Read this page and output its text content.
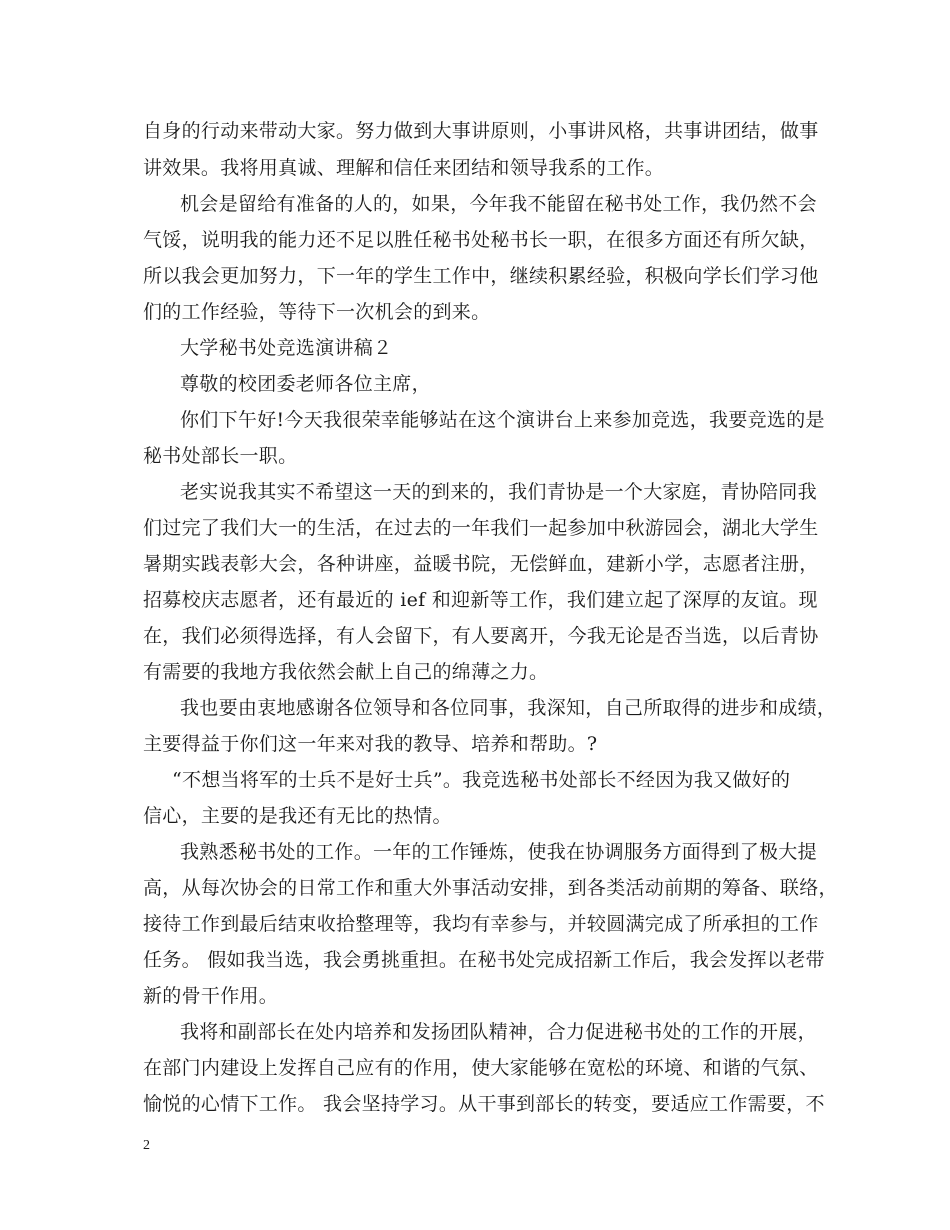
自身的行动来带动大家。努力做到大事讲原则，小事讲风格，共事讲团结，做事
讲效果。我将用真诚、理解和信任来团结和领导我系的工作。
机会是留给有准备的人的，如果，今年我不能留在秘书处工作，我仍然不会
气馁，说明我的能力还不足以胜任秘书处秘书长一职，在很多方面还有所欠缺，
所以我会更加努力，下一年的学生工作中，继续积累经验，积极向学长们学习他
们的工作经验，等待下一次机会的到来。
大学秘书处竞选演讲稿２
尊敬的校团委老师各位主席，
你们下午好!今天我很荣幸能够站在这个演讲台上来参加竞选，我要竞选的是
秘书处部长一职。
老实说我其实不希望这一天的到来的，我们青协是一个大家庭，青协陪同我
们过完了我们大一的生活，在过去的一年我们一起参加中秋游园会，湖北大学生
暑期实践表彰大会，各种讲座，益暖书院，无偿鲜血，建新小学，志愿者注册，
招募校庆志愿者，还有最近的 ief 和迎新等工作，我们建立起了深厚的友谊。现
在，我们必须得选择，有人会留下，有人要离开，今我无论是否当选，以后青协
有需要的我地方我依然会献上自己的绵薄之力。
我也要由衷地感谢各位领导和各位同事，我深知，自己所取得的进步和成绩，
主要得益于你们这一年来对我的教导、培养和帮助。?
“不想当将军的士兵不是好士兵”。我竞选秘书处部长不经因为我又做好的
信心，主要的是我还有无比的热情。
我熟悉秘书处的工作。一年的工作锤炼，使我在协调服务方面得到了极大提
高，从每次协会的日常工作和重大外事活动安排，到各类活动前期的筹备、联络，
接待工作到最后结束收拾整理等，我均有幸参与，并较圆满完成了所承担的工作
任务。 假如我当选，我会勇挑重担。在秘书处完成招新工作后，我会发挥以老带
新的骨干作用。
我将和副部长在处内培养和发扬团队精神，合力促进秘书处的工作的开展，
在部门内建设上发挥自己应有的作用，使大家能够在宽松的环境、和谐的气氛、
愉悦的心情下工作。 我会坚持学习。从干事到部长的转变，要适应工作需要，不
2
